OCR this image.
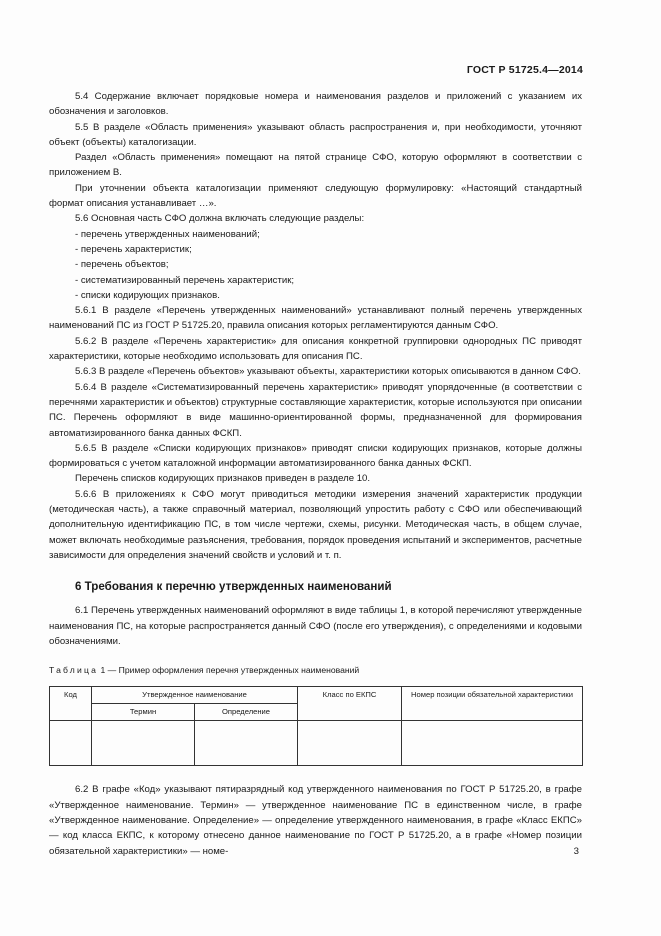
ГОСТ Р 51725.4—2014

5.4 Содержание включает порядковые номера и наименования разделов и приложений с указанием их обозначения и заголовков.

5.5 В разделе «Область применения» указывают область распространения и, при необходимости, уточняют объект (объекты) каталогизации.

Раздел «Область применения» помещают на пятой странице СФО, которую оформляют в соответствии с приложением В.

При уточнении объекта каталогизации применяют следующую формулировку: «Настоящий стандартный формат описания устанавливает …».

5.6 Основная часть СФО должна включать следующие разделы:

- перечень утвержденных наименований;

- перечень характеристик;

- перечень объектов;

- систематизированный перечень характеристик;

- списки кодирующих признаков.

5.6.1 В разделе «Перечень утвержденных наименований» устанавливают полный перечень утвержденных наименований ПС из ГОСТ Р 51725.20, правила описания которых регламентируются данным СФО.

5.6.2 В разделе «Перечень характеристик» для описания конкретной группировки однородных ПС приводят характеристики, которые необходимо использовать для описания ПС.

5.6.3 В разделе «Перечень объектов» указывают объекты, характеристики которых описываются в данном СФО.

5.6.4 В разделе «Систематизированный перечень характеристик» приводят упорядоченные (в соответствии с перечнями характеристик и объектов) структурные составляющие характеристик, которые используются при описании ПС. Перечень оформляют в виде машинно-ориентированной формы, предназначенной для формирования автоматизированного банка данных ФСКП.

5.6.5 В разделе «Списки кодирующих признаков» приводят списки кодирующих признаков, которые должны формироваться с учетом каталожной информации автоматизированного банка данных ФСКП.

Перечень списков кодирующих признаков приведен в разделе 10.

5.6.6 В приложениях к СФО могут приводиться методики измерения значений характеристик продукции (методическая часть), а также справочный материал, позволяющий упростить работу с СФО или обеспечивающий дополнительную идентификацию ПС, в том числе чертежи, схемы, рисунки. Методическая часть, в общем случае, может включать необходимые разъяснения, требования, порядок проведения испытаний и экспериментов, расчетные зависимости для определения значений свойств и условий и т. п.

6 Требования к перечню утвержденных наименований

6.1 Перечень утвержденных наименований оформляют в виде таблицы 1, в которой перечисляют утвержденные наименования ПС, на которые распространяется данный СФО (после его утверждения), с определениями и кодовыми обозначениями.

Таблица 1 — Пример оформления перечня утвержденных наименований
Код	Утвержденное наименование		Класс по ЕКПС	Номер позиции обязательной характеристики
	Термин	Определение		

6.2 В графе «Код» указывают пятиразрядный код утвержденного наименования по ГОСТ Р 51725.20, в графе «Утвержденное наименование. Термин» — утвержденное наименование ПС в единственном числе, в графе «Утвержденное наименование. Определение» — определение утвержденного наименования, в графе «Класс ЕКПС» — код класса ЕКПС, к которому отнесено данное наименование по ГОСТ Р 51725.20, а в графе «Номер позиции обязательной характеристики» — номе-	3
